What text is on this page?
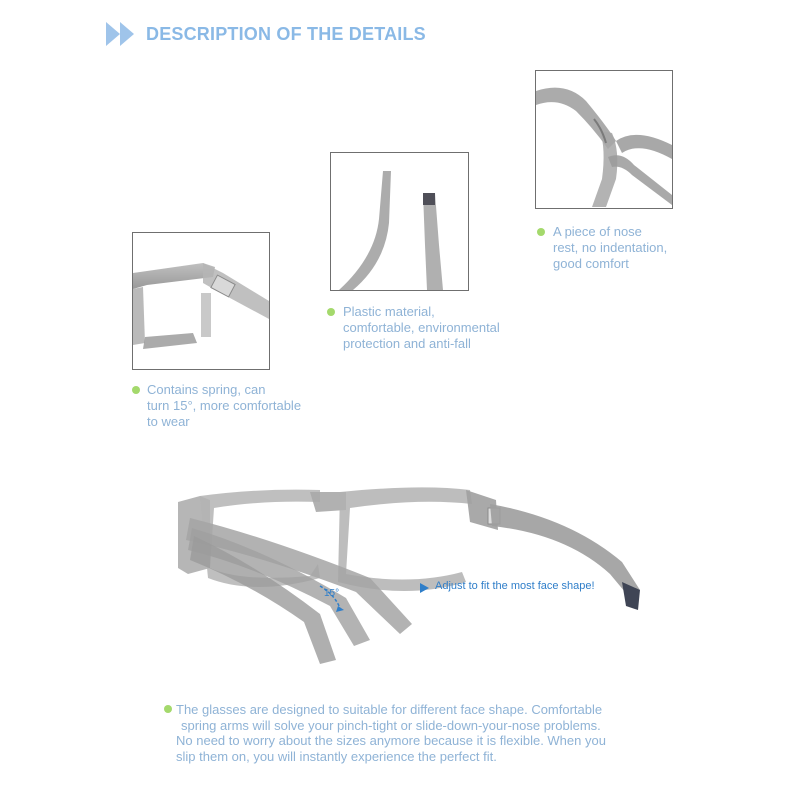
DESCRIPTION OF THE DETAILS
Contains spring, can
turn 15°, more comfortable
to wear
Plastic material,
comfortable, environmental
protection and anti-fall
A piece of nose
rest, no indentation,
good comfort
15°
Adjust to fit the most face shape!
The glasses are designed to suitable for different face shape. Comfortable
spring arms will solve your pinch-tight or slide-down-your-nose problems.
No need to worry about the sizes anymore because it is flexible. When you
slip them on, you will instantly experience the perfect fit.
